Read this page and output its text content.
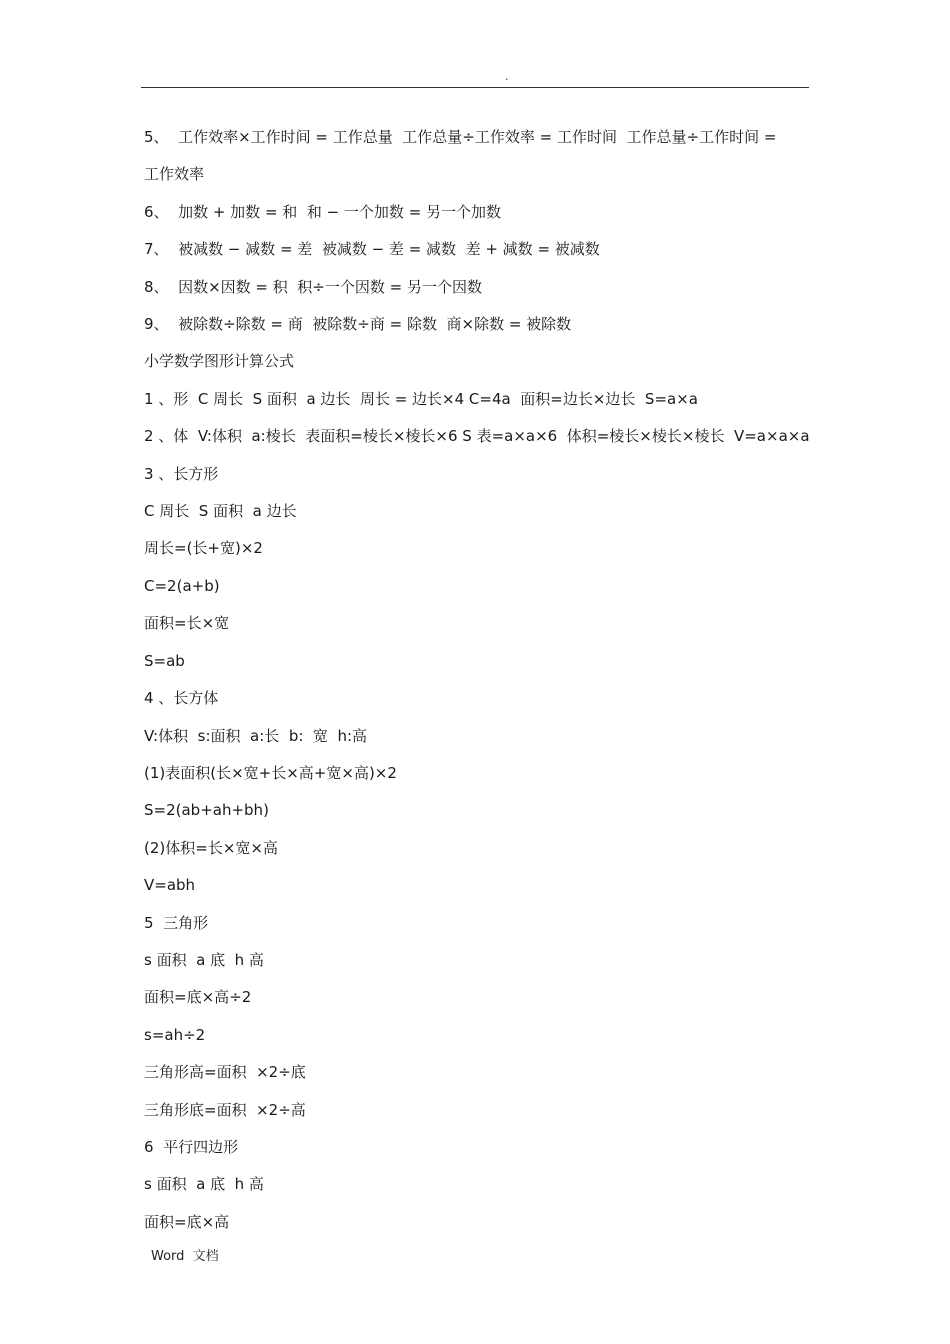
.
5、  工作效率×工作时间 = 工作总量  工作总量÷工作效率 = 工作时间  工作总量÷工作时间 =
工作效率
6、  加数 + 加数 = 和  和 − 一个加数 = 另一个加数
7、  被减数 − 减数 = 差  被减数 − 差 = 减数  差 + 减数 = 被减数
8、  因数×因数 = 积  积÷一个因数 = 另一个因数
9、  被除数÷除数 = 商  被除数÷商 = 除数  商×除数 = 被除数
小学数学图形计算公式
1 、形  C 周长  S 面积  a 边长  周长 = 边长×4 C=4a  面积=边长×边长  S=a×a
2 、体  V:体积  a:棱长  表面积=棱长×棱长×6 S 表=a×a×6  体积=棱长×棱长×棱长  V=a×a×a
3 、长方形
C 周长  S 面积  a 边长
周长=(长+宽)×2
C=2(a+b)
面积=长×宽
S=ab
4 、长方体
V:体积  s:面积  a:长  b:  宽  h:高
(1)表面积(长×宽+长×高+宽×高)×2
S=2(ab+ah+bh)
(2)体积=长×宽×高
V=abh
5  三角形
s 面积  a 底  h 高
面积=底×高÷2
s=ah÷2
三角形高=面积  ×2÷底
三角形底=面积  ×2÷高
6  平行四边形
s 面积  a 底  h 高
面积=底×高
Word  文档
